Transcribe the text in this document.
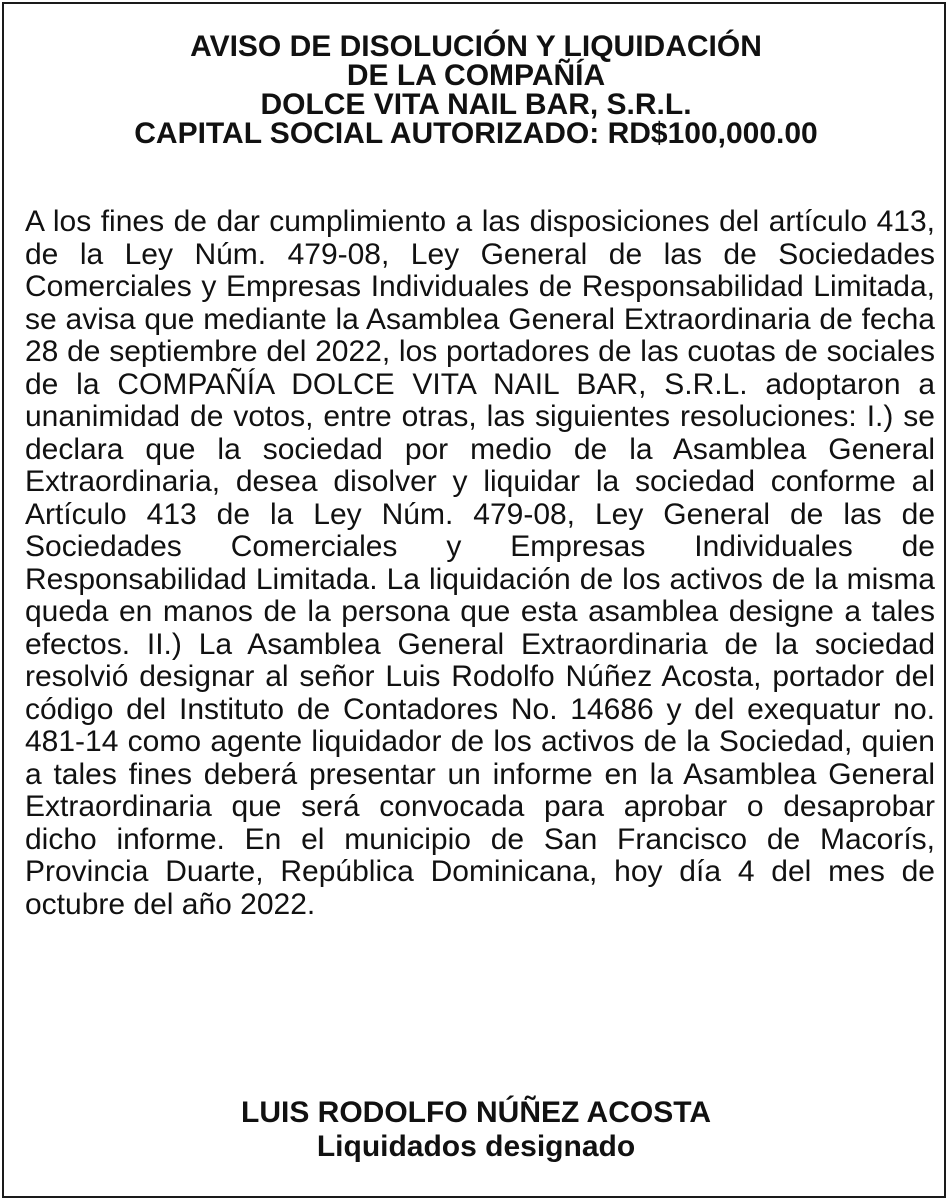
AVISO DE DISOLUCIÓN Y LIQUIDACIÓN
DE LA COMPAÑÍA
DOLCE VITA NAIL BAR, S.R.L.
CAPITAL SOCIAL AUTORIZADO: RD$100,000.00

A los fines de dar cumplimiento a las disposiciones del artículo 413, de la Ley Núm. 479-08, Ley General de las de Sociedades Comerciales y Empresas Individuales de Responsabilidad Limitada, se avisa que mediante la Asamblea General Extraordinaria de fecha 28 de septiembre del 2022, los portadores de las cuotas de sociales de la COMPAÑÍA DOLCE VITA NAIL BAR, S.R.L. adoptaron a unanimidad de votos, entre otras, las siguientes resoluciones: I.) se declara que la sociedad por medio de la Asamblea General Extraordinaria, desea disolver y liquidar la sociedad conforme al Artículo 413 de la Ley Núm. 479-08, Ley General de las de Sociedades Comerciales y Empresas Individuales de Responsabilidad Limitada. La liquidación de los activos de la misma queda en manos de la persona que esta asamblea designe a tales efectos. II.) La Asamblea General Extraordinaria de la sociedad resolvió designar al señor Luis Rodolfo Núñez Acosta, portador del código del Instituto de Contadores No. 14686 y del exequatur no. 481-14 como agente liquidador de los activos de la Sociedad, quien a tales fines deberá presentar un informe en la Asamblea General Extraordinaria que será convocada para aprobar o desaprobar dicho informe. En el municipio de San Francisco de Macorís, Provincia Duarte, República Dominicana, hoy día 4 del mes de octubre del año 2022.

LUIS RODOLFO NÚÑEZ ACOSTA
Liquidados designado
